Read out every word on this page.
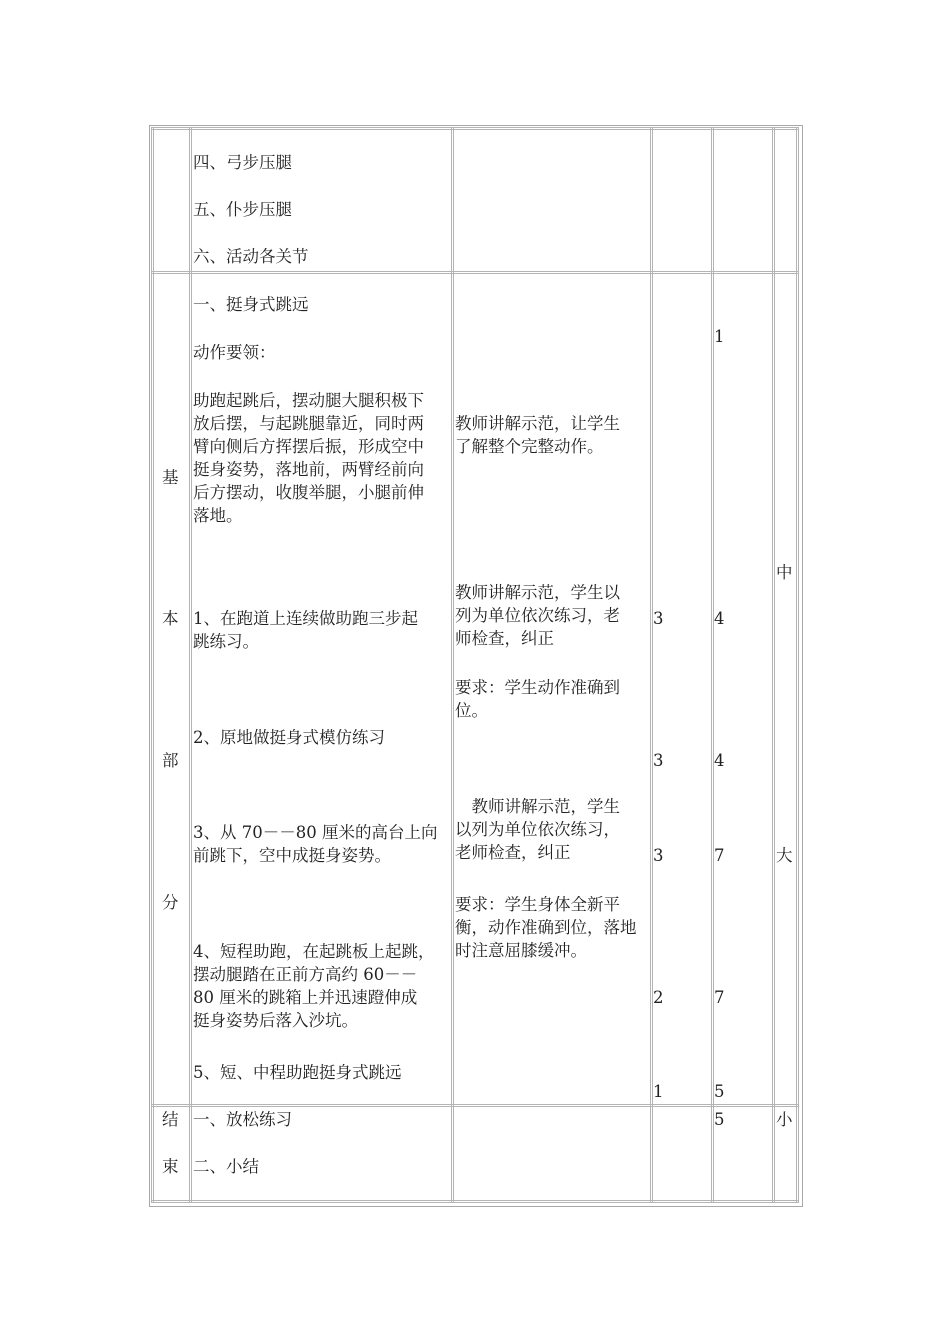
四、弓步压腿
五、仆步压腿
六、活动各关节
基
本
部
分
一、挺身式跳远
动作要领：
助跑起跳后，摆动腿大腿积极下
放后摆，与起跳腿靠近，同时两
臂向侧后方挥摆后振，形成空中
挺身姿势，落地前，两臂经前向
后方摆动，收腹举腿，小腿前伸
落地。
1、在跑道上连续做助跑三步起
跳练习。
2、原地做挺身式模仿练习
3、从 70－－80 厘米的高台上向
前跳下，空中成挺身姿势。
4、短程助跑，在起跳板上起跳，
摆动腿踏在正前方高约 60－－
80 厘米的跳箱上并迅速蹬伸成
挺身姿势后落入沙坑。
5、短、中程助跑挺身式跳远
教师讲解示范，让学生
了解整个完整动作。
教师讲解示范，学生以
列为单位依次练习，老
师检查，纠正
要求：学生动作准确到
位。
　教师讲解示范，学生
以列为单位依次练习，
老师检查，纠正
要求：学生身体全新平
衡，动作准确到位，落地
时注意屈膝缓冲。
3
3
3
2
1
1
4
4
7
7
5
中
大
结
束
一、放松练习
二、小结
5	小
